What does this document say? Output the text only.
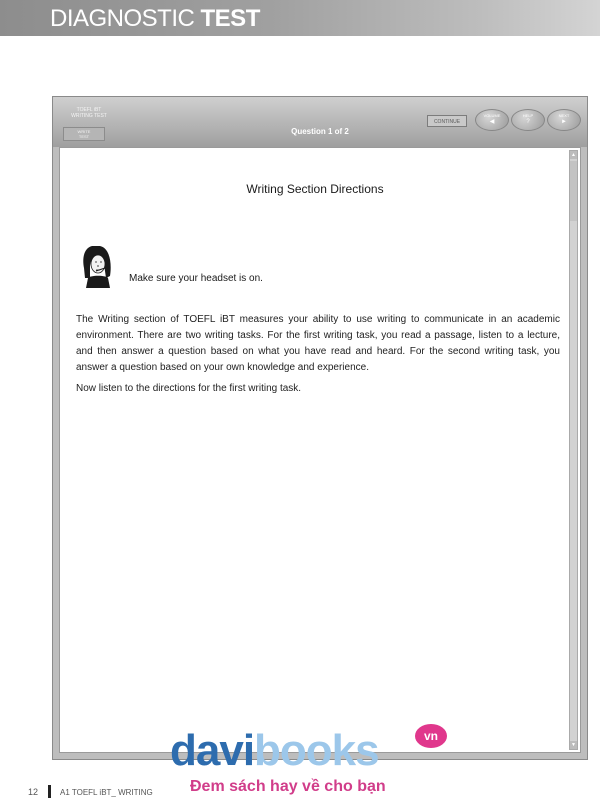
DIAGNOSTIC TEST
TOEFL iBT
WRITING TEST
WRITE
TEST
Question 1 of 2
CONTINUE
VOLUME
◀
HELP
?
NEXT
►
Writing Section Directions
Make sure your headset is on.

The Writing section of TOEFL iBT measures your ability to use writing to communicate in an academic environment. There are two writing tasks. For the first writing task, you read a passage, listen to a lecture, and then answer a question based on what you have read and heard. For the second writing task, you answer a question based on your own knowledge and experience.

Now listen to the directions for the first writing task.

▲
▼
davibooks	vn
Đem sách hay về cho bạn
12	A1 TOEFL iBT_ WRITING
